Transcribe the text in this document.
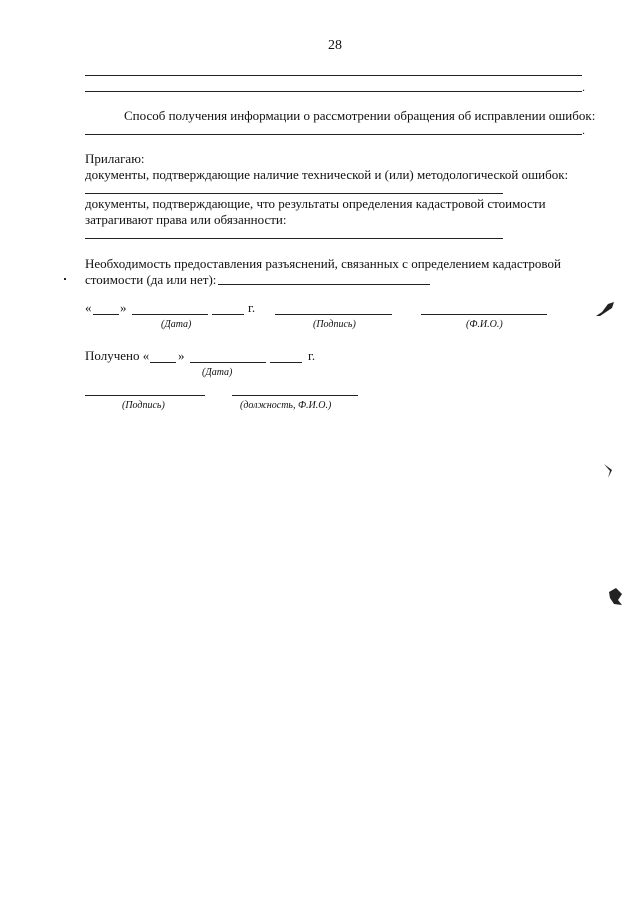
28
.
Способ получения информации о рассмотрении обращения об исправлении ошибок:
.
Прилагаю:
документы, подтверждающие наличие технической и (или) методологической ошибок:
документы, подтверждающие, что результаты определения кадастровой стоимости
затрагивают права или обязанности:
Необходимость предоставления разъяснений, связанных с определением кадастровой
стоимости (да или нет):
« »	г.
(Дата)	(Подпись)	(Ф.И.О.)
Получено « »	г.
(Дата)
(Подпись)	(должность, Ф.И.О.)
